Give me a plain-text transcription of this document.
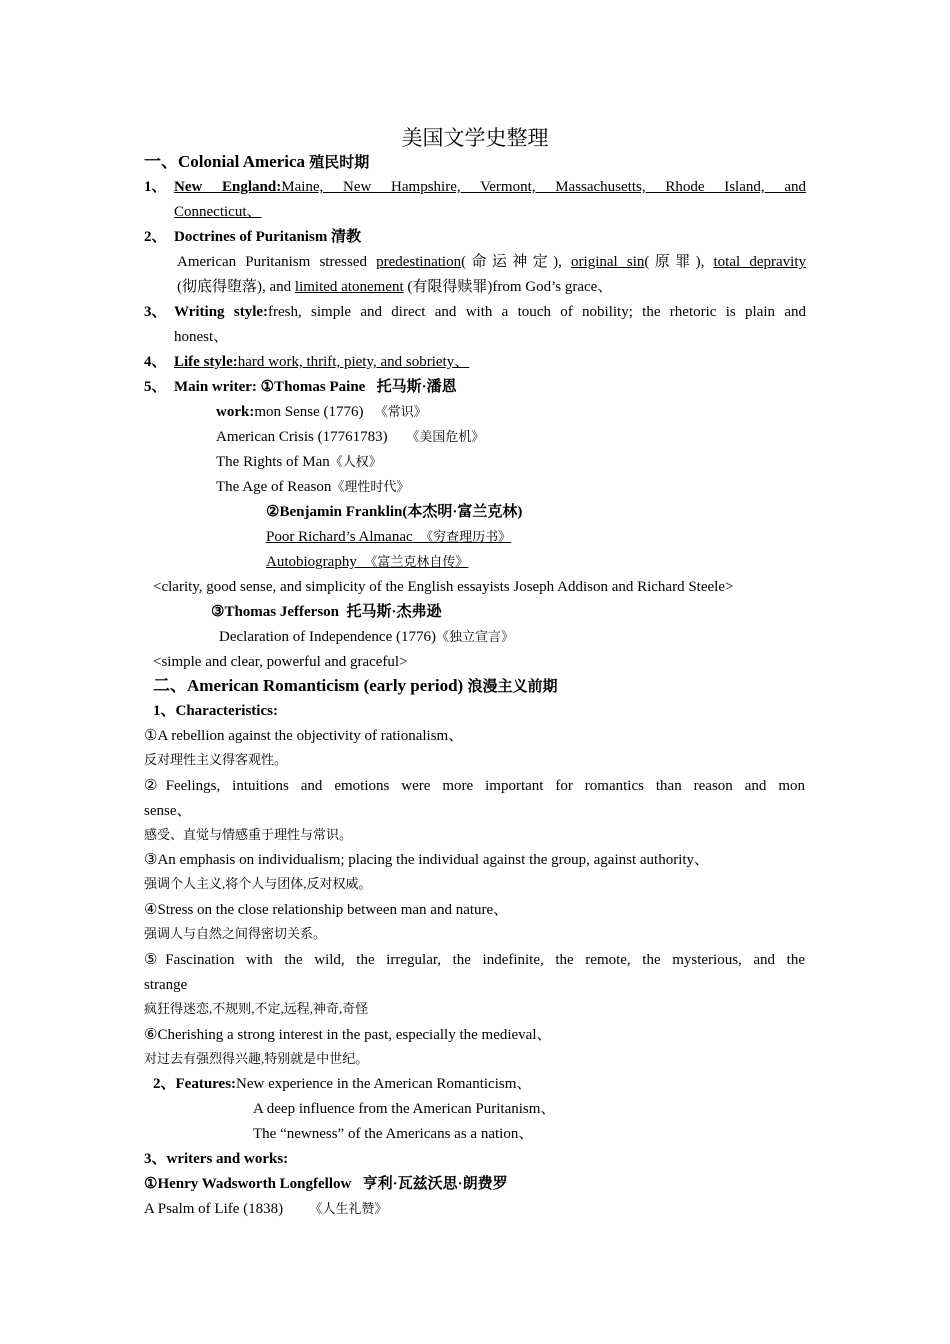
美国文学史整理
一、Colonial America 殖民时期
1、 New England:Maine, New Hampshire, Vermont, Massachusetts, Rhode Island, and
Connecticut、
2、 Doctrines of Puritanism 清教
American Puritanism stressed predestination(命运神定), original sin(原罪), total depravity
(彻底得堕落), and limited atonement (有限得赎罪)from God’s grace、
3、 Writing style:fresh, simple and direct and with a touch of nobility; the rhetoric is plain and
honest、
4、 Life style:hard work, thrift, piety, and sobriety、
5、 Main writer: ①Thomas Paine 托马斯·潘恩
work:mon Sense (1776) 《常识》
American Crisis (17761783) 《美国危机》
The Rights of Man《人权》
The Age of Reason《理性时代》
②Benjamin Franklin(本杰明·富兰克林)
Poor Richard’s Almanac 《穷查理历书》
Autobiography 《富兰克林自传》
<clarity, good sense, and simplicity of the English essayists Joseph Addison and Richard Steele>
③Thomas Jefferson 托马斯·杰弗逊
Declaration of Independence (1776)《独立宣言》
<simple and clear, powerful and graceful>
二、American Romanticism (early period) 浪漫主义前期
1、Characteristics:
①A rebellion against the objectivity of rationalism、
反对理性主义得客观性。
②Feelings, intuitions and emotions were more important for romantics than reason and mon
sense、
感受、直觉与情感重于理性与常识。
③An emphasis on individualism; placing the individual against the group, against authority、
强调个人主义,将个人与团体,反对权威。
④Stress on the close relationship between man and nature、
强调人与自然之间得密切关系。
⑤Fascination with the wild, the irregular, the indefinite, the remote, the mysterious, and the
strange
疯狂得迷恋,不规则,不定,远程,神奇,奇怪
⑥Cherishing a strong interest in the past, especially the medieval、
对过去有强烈得兴趣,特别就是中世纪。
2、Features:New experience in the American Romanticism、
A deep influence from the American Puritanism、
The “newness” of the Americans as a nation、
3、writers and works:
①Henry Wadsworth Longfellow 亨利·瓦兹沃思·朗费罗
A Psalm of Life (1838) 《人生礼赞》
